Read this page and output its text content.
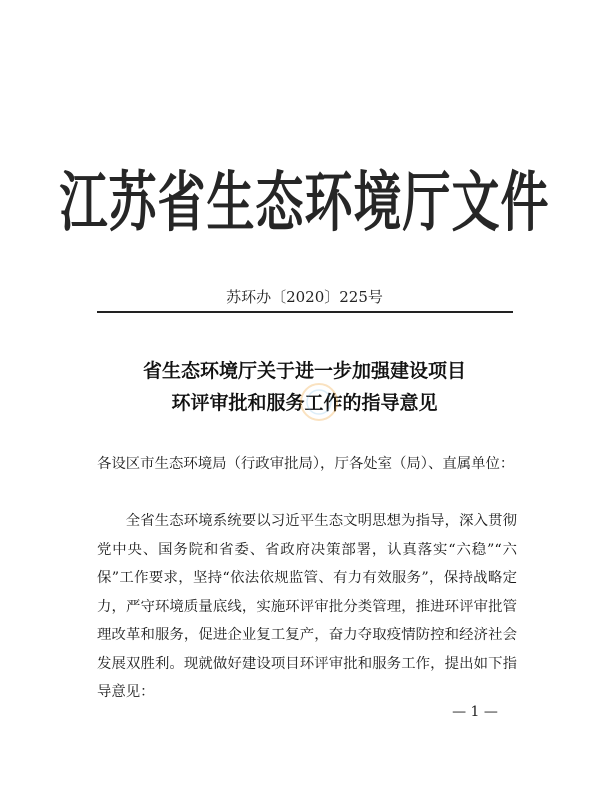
江苏省生态环境厅文件
苏环办〔2020〕225号
省生态环境厅关于进一步加强建设项目
环评审批和服务工作的指导意见
各设区市生态环境局（行政审批局），厅各处室（局）、直属单位：
全省生态环境系统要以习近平生态文明思想为指导，深入贯彻党中央、国务院和省委、省政府决策部署，认真落实“六稳”“六保”工作要求，坚持“依法依规监管、有力有效服务”，保持战略定力，严守环境质量底线，实施环评审批分类管理，推进环评审批管理改革和服务，促进企业复工复产，奋力夺取疫情防控和经济社会发展双胜利。现就做好建设项目环评审批和服务工作，提出如下指导意见：
— 1 —
